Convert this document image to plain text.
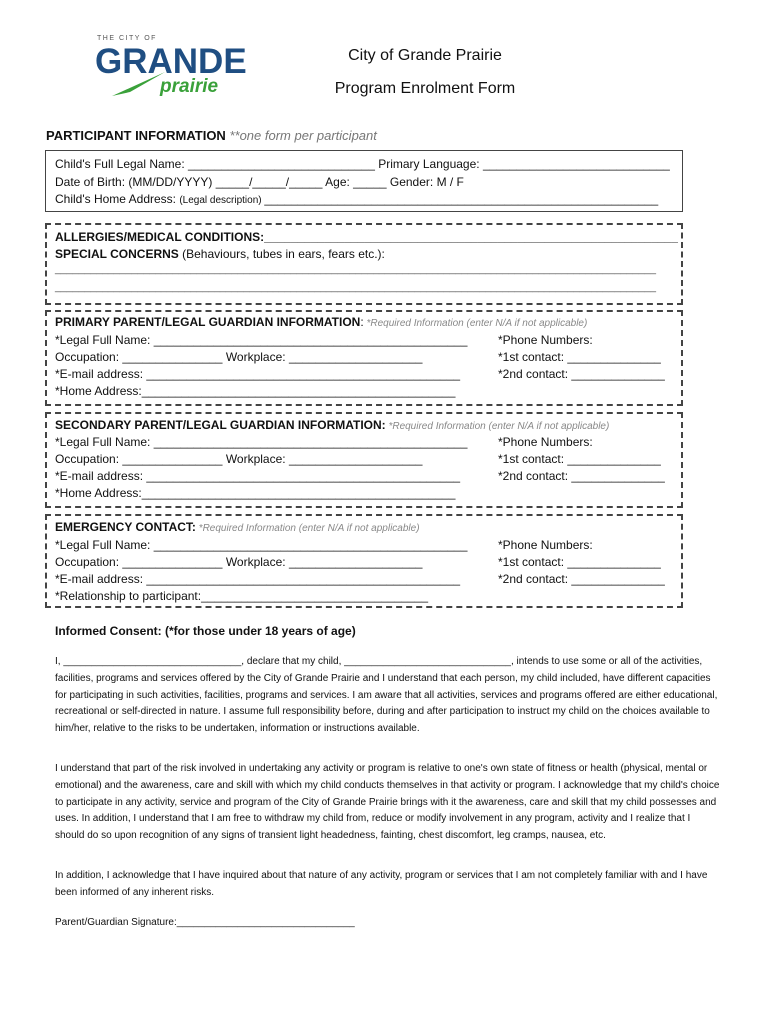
THE CITY OF
GRANDE
prairie
City of Grande Prairie
Program Enrolment Form
PARTICIPANT INFORMATION **one form per participant
Child's Full Legal Name: ____________________________ Primary Language: ____________________________
Date of Birth: (MM/DD/YYYY) _____/_____/_____ Age: _____ Gender: M / F
Child's Home Address: (Legal description) ___________________________________________________________
ALLERGIES/MEDICAL CONDITIONS:______________________________________________________________
SPECIAL CONCERNS (Behaviours, tubes in ears, fears etc.):
______________________________________________________________________________________________________
______________________________________________________________________________________________________
PRIMARY PARENT/LEGAL GUARDIAN INFORMATION: *Required Information (enter N/A if not applicable)
*Legal Full Name: _______________________________________________
Occupation: _______________ Workplace: ____________________
*E-mail address: _______________________________________________
*Home Address:_______________________________________________
*Phone Numbers:
*1st contact: ______________
*2nd contact: ______________
SECONDARY PARENT/LEGAL GUARDIAN INFORMATION: *Required Information (enter N/A if not applicable)
*Legal Full Name: _______________________________________________
Occupation: _______________ Workplace: ____________________
*E-mail address: _______________________________________________
*Home Address:_______________________________________________
*Phone Numbers:
*1st contact: ______________
*2nd contact: ______________
EMERGENCY CONTACT: *Required Information (enter N/A if not applicable)
*Legal Full Name: _______________________________________________
Occupation: _______________ Workplace: ____________________
*E-mail address: _______________________________________________
*Relationship to participant:__________________________________
*Phone Numbers:
*1st contact: ______________
*2nd contact: ______________
Informed Consent: (*for those under 18 years of age)

I, ________________________________, declare that my child, ______________________________, intends to use some or all of the activities, facilities, programs and services offered by the City of Grande Prairie and I understand that each person, my child included, have different capacities for participating in such activities, facilities, programs and services. I am aware that all activities, services and programs offered are either educational, recreational or self-directed in nature. I assume full responsibility before, during and after participation to instruct my child on the choices available to him/her, relative to the risks to be undertaken, information or instructions available.

I understand that part of the risk involved in undertaking any activity or program is relative to one's own state of fitness or health (physical, mental or emotional) and the awareness, care and skill with which my child conducts themselves in that activity or program. I acknowledge that my child's choice to participate in any activity, service and program of the City of Grande Prairie brings with it the awareness, care and skill that my child possesses and uses. In addition, I understand that I am free to withdraw my child from, reduce or modify involvement in any program, activity and I realize that I should do so upon recognition of any signs of transient light headedness, fainting, chest discomfort, leg cramps, nausea, etc.

In addition, I acknowledge that I have inquired about that nature of any activity, program or services that I am not completely familiar with and I have been informed of any inherent risks.

Parent/Guardian Signature:________________________________
